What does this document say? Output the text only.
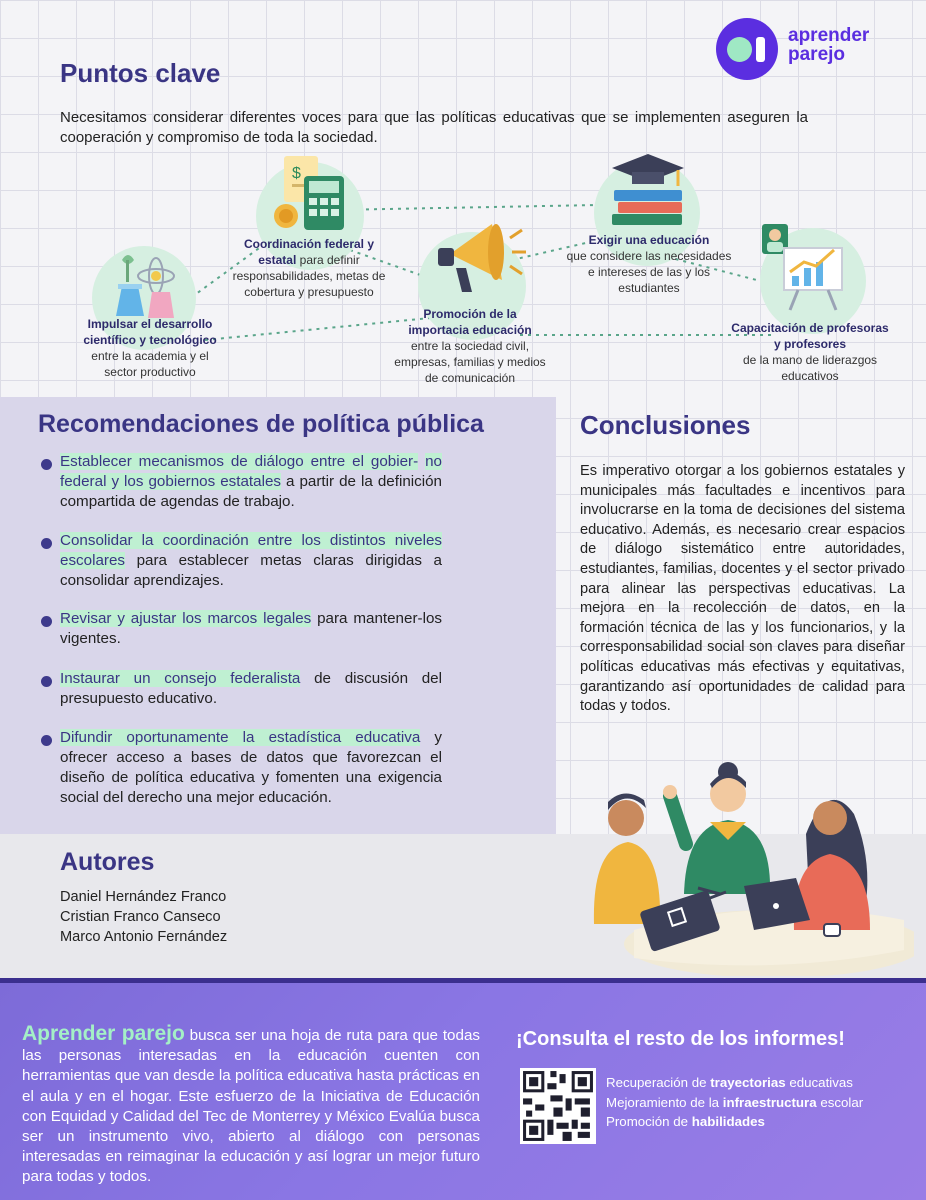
aprender
parejo
Puntos clave

Necesitamos considerar diferentes voces para que las políticas educativas que se implementen aseguren la cooperación y compromiso de toda la sociedad.

Impulsar el desarrollo científico y tecnológico
entre la academia y el sector productivo
$
Coordinación federal y estatal para definir responsabilidades, metas de cobertura y presupuesto
Promoción de la importacia educación
entre la sociedad civil, empresas, familias y medios de comunicación
Exigir una educación
que considere las necesidades e intereses de las y los estudiantes
Capacitación de profesoras y profesores
de la mano de liderazgos educativos
Recomendaciones de política pública
Establecer mecanismos de diálogo entre el gobier- no federal y los gobiernos estatales a partir de la definición compartida de agendas de trabajo.
Consolidar la coordinación entre los distintos niveles escolares para establecer metas claras dirigidas a consolidar aprendizajes.
Revisar y ajustar los marcos legales para mantener-los vigentes.
Instaurar un consejo federalista de discusión del presupuesto educativo.
Difundir oportunamente la estadística educativa y ofrecer acceso a bases de datos que favorezcan el diseño de política educativa y fomenten una exigencia social del derecho una mejor educación.
Conclusiones

Es imperativo otorgar a los gobiernos estatales y municipales más facultades e incentivos para involucrarse en la toma de decisiones del sistema educativo. Además, es necesario crear espacios de diálogo sistemático entre autoridades, estudiantes, familias, docentes y el sector privado para alinear las perspectivas educativas. La mejora en la recolección de datos, en la formación técnica de las y los funcionarios, y la corresponsabilidad social son claves para diseñar políticas educativas más efectivas y equitativas, garantizando así oportunidades de calidad para todas y todos.

Autores
Daniel Hernández Franco
Cristian Franco Canseco
Marco Antonio Fernández

Aprender parejo busca ser una hoja de ruta para que todas las personas interesadas en la educación cuenten con herramientas que van desde la política educativa hasta prácticas en el aula y en el hogar. Este esfuerzo de la Iniciativa de Educación con Equidad y Calidad del Tec de Monterrey y México Evalúa busca ser un instrumento vivo, abierto al diálogo con personas interesadas en reimaginar la educación y así lograr un mejor futuro para todas y todos.

¡Consulta el resto de los informes!
Recuperación de trayectorias educativas
Mejoramiento de la infraestructura escolar
Promoción de habilidades
